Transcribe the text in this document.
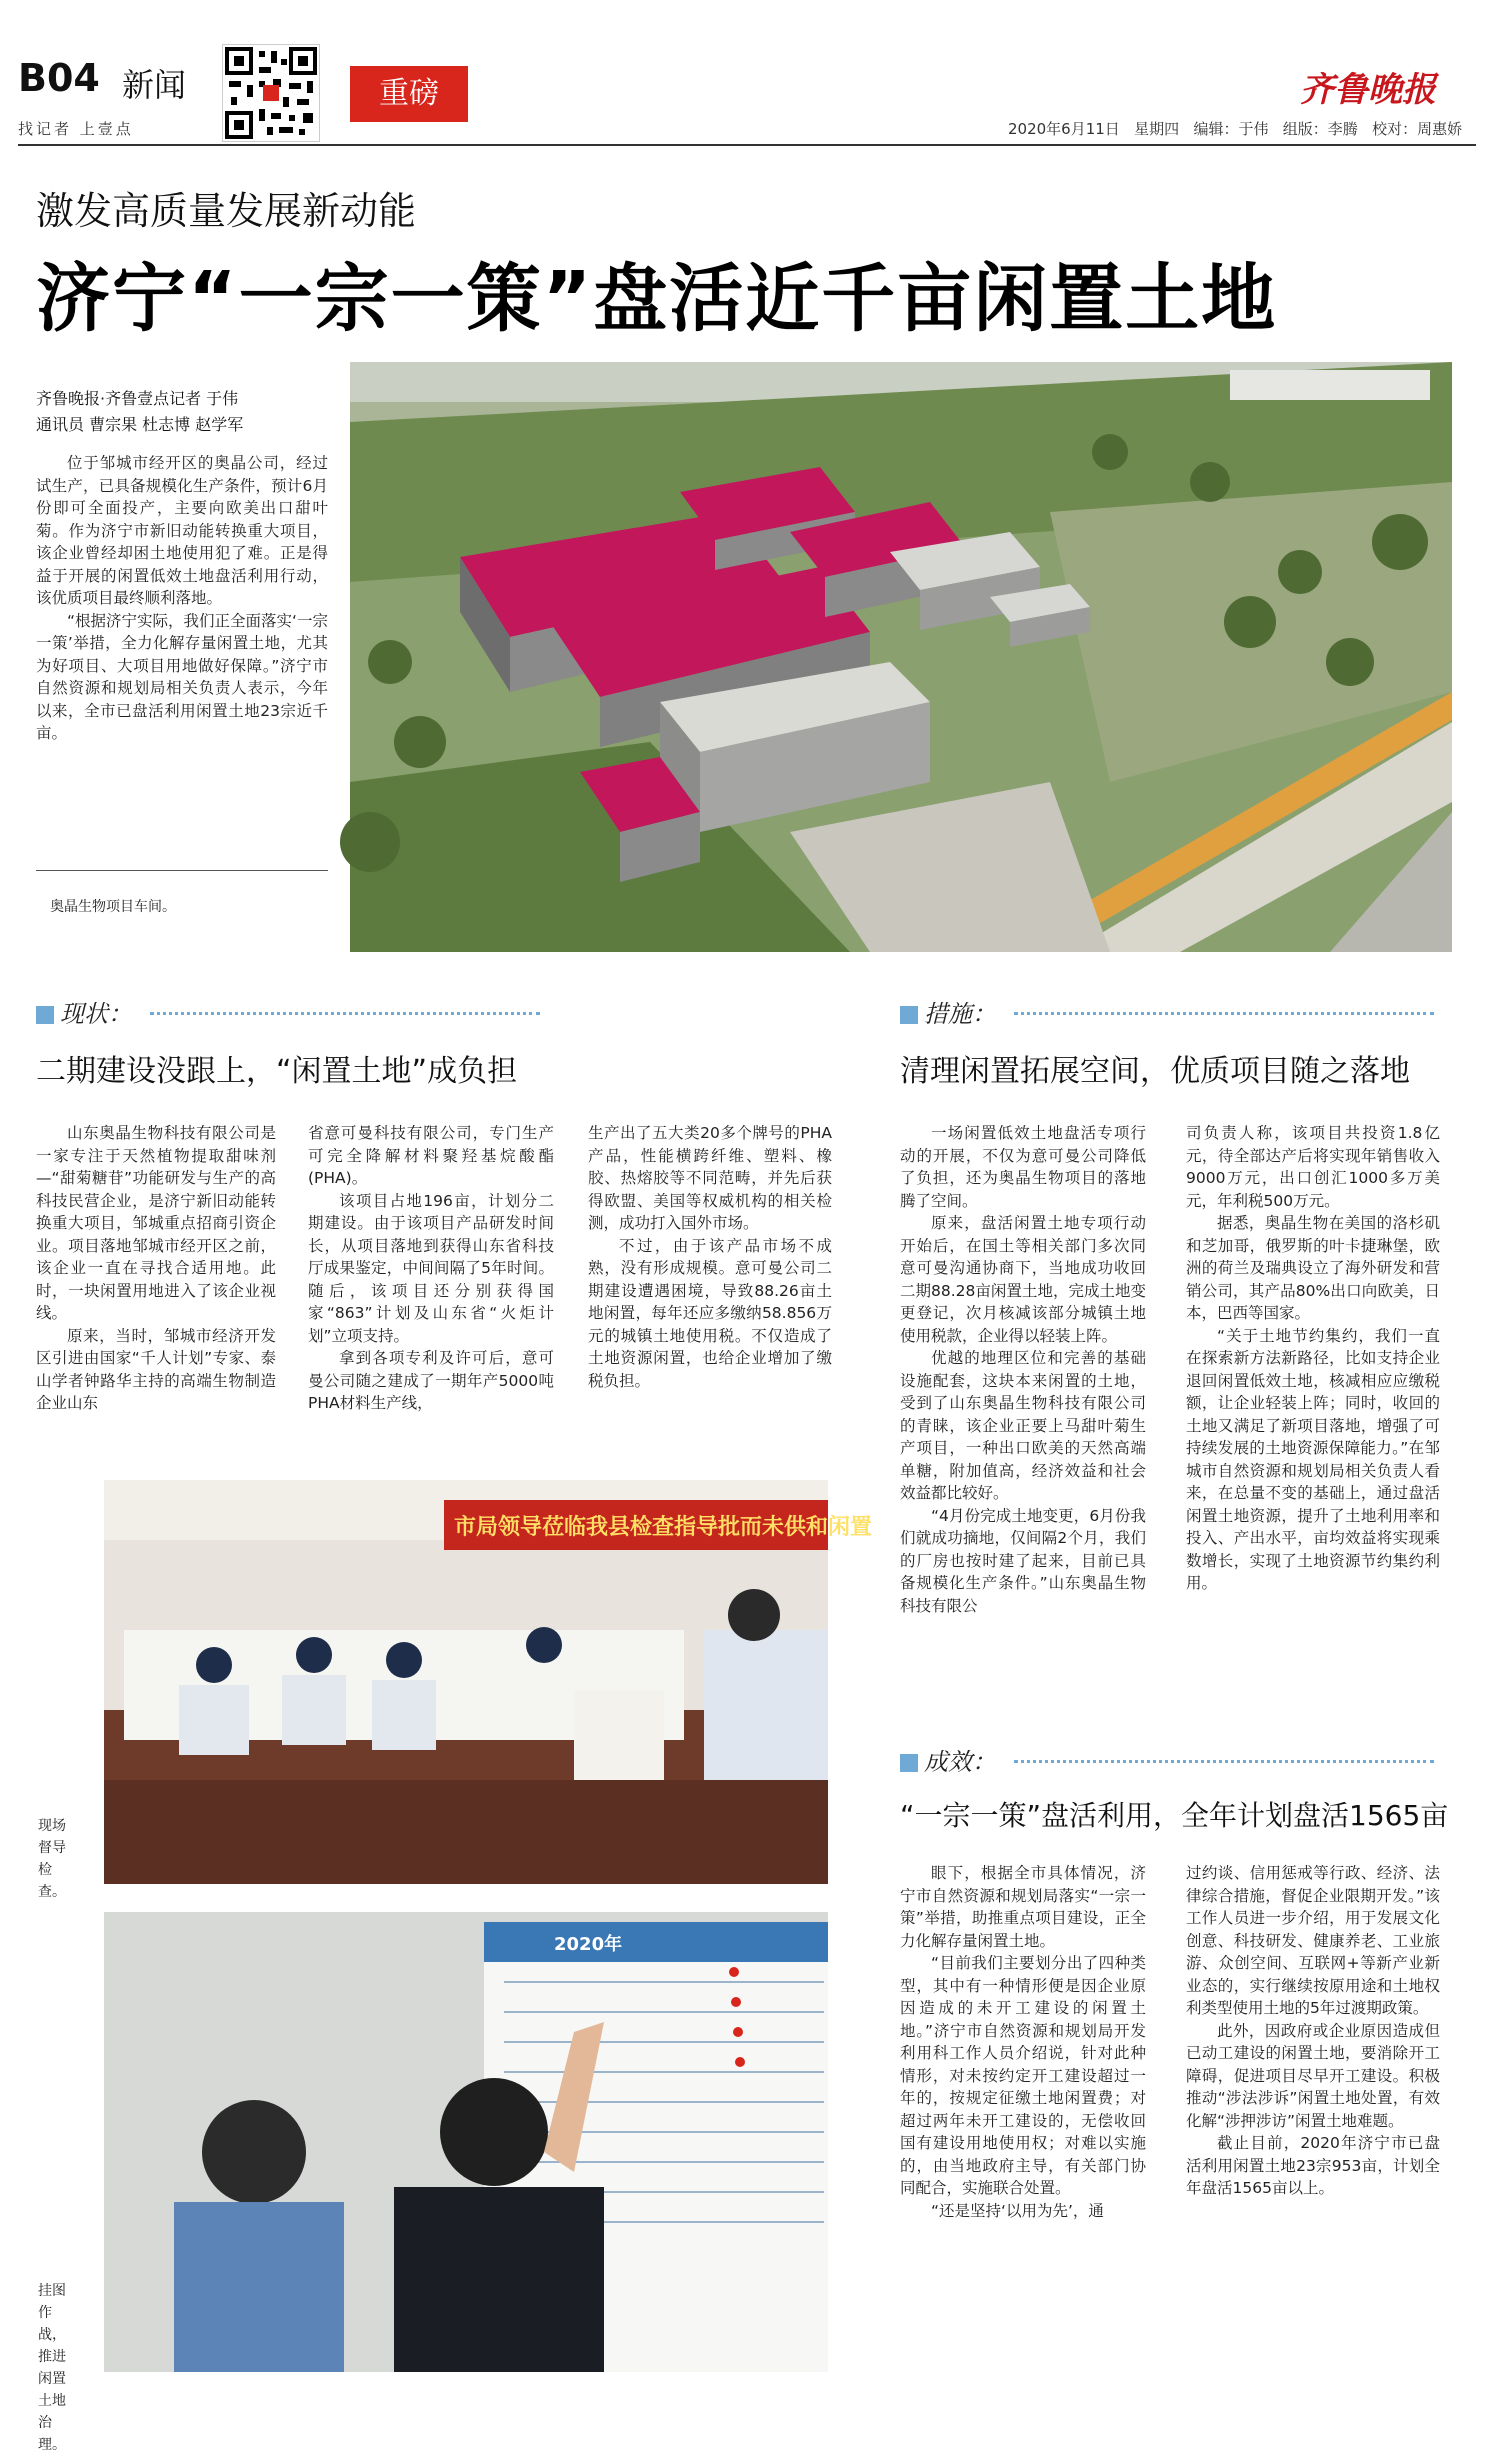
B04 新闻
找记者 上壹点
重磅	齐鲁晚报
2020年6月11日 星期四 编辑：于伟 组版：李腾 校对：周惠娇
激发高质量发展新动能
济宁“一宗一策”盘活近千亩闲置土地
齐鲁晚报·齐鲁壹点记者 于伟
通讯员 曹宗果 杜志博 赵学军

位于邹城市经开区的奥晶公司，经过试生产，已具备规模化生产条件，预计6月份即可全面投产，主要向欧美出口甜叶菊。作为济宁市新旧动能转换重大项目，该企业曾经却困土地使用犯了难。正是得益于开展的闲置低效土地盘活利用行动，该优质项目最终顺利落地。

“根据济宁实际，我们正全面落实‘一宗一策’举措，全力化解存量闲置土地，尤其为好项目、大项目用地做好保障。”济宁市自然资源和规划局相关负责人表示，今年以来，全市已盘活利用闲置土地23宗近千亩。

奥晶生物项目车间。
现状：
二期建设没跟上，“闲置土地”成负担

山东奥晶生物科技有限公司是一家专注于天然植物提取甜味剂—“甜菊糖苷”功能研发与生产的高科技民营企业，是济宁新旧动能转换重大项目，邹城重点招商引资企业。项目落地邹城市经开区之前，该企业一直在寻找合适用地。此时，一块闲置用地进入了该企业视线。

原来，当时，邹城市经济开发区引进由国家“千人计划”专家、泰山学者钟路华主持的高端生物制造企业山东

省意可曼科技有限公司，专门生产可完全降解材料聚羟基烷酸酯(PHA)。

该项目占地196亩，计划分二期建设。由于该项目产品研发时间长，从项目落地到获得山东省科技厅成果鉴定，中间间隔了5年时间。随后，该项目还分别获得国家“863”计划及山东省“火炬计划”立项支持。

拿到各项专利及许可后，意可曼公司随之建成了一期年产5000吨PHA材料生产线，

生产出了五大类20多个牌号的PHA产品，性能横跨纤维、塑料、橡胶、热熔胶等不同范畴，并先后获得欧盟、美国等权威机构的相关检测，成功打入国外市场。

不过，由于该产品市场不成熟，没有形成规模。意可曼公司二期建设遭遇困境，导致88.26亩土地闲置，每年还应多缴纳58.856万元的城镇土地使用税。不仅造成了土地资源闲置，也给企业增加了缴税负担。

市局领导莅临我县检查指导批而未供和闲置
现场督导检查。
2020年
挂图作战，推进闲置土地治理。
措施：
清理闲置拓展空间，优质项目随之落地

一场闲置低效土地盘活专项行动的开展，不仅为意可曼公司降低了负担，还为奥晶生物项目的落地腾了空间。

原来，盘活闲置土地专项行动开始后，在国土等相关部门多次同意可曼沟通协商下，当地成功收回二期88.28亩闲置土地，完成土地变更登记，次月核减该部分城镇土地使用税款，企业得以轻装上阵。

优越的地理区位和完善的基础设施配套，这块本来闲置的土地，受到了山东奥晶生物科技有限公司的青睐，该企业正要上马甜叶菊生产项目，一种出口欧美的天然高端单糖，附加值高，经济效益和社会效益都比较好。

“4月份完成土地变更，6月份我们就成功摘地，仅间隔2个月，我们的厂房也按时建了起来，目前已具备规模化生产条件。”山东奥晶生物科技有限公

司负责人称，该项目共投资1.8亿元，待全部达产后将实现年销售收入9000万元，出口创汇1000多万美元，年利税500万元。

据悉，奥晶生物在美国的洛杉矶和芝加哥，俄罗斯的叶卡捷琳堡，欧洲的荷兰及瑞典设立了海外研发和营销公司，其产品80%出口向欧美，日本，巴西等国家。

“关于土地节约集约，我们一直在探索新方法新路径，比如支持企业退回闲置低效土地，核减相应应缴税额，让企业轻装上阵；同时，收回的土地又满足了新项目落地，增强了可持续发展的土地资源保障能力。”在邹城市自然资源和规划局相关负责人看来，在总量不变的基础上，通过盘活闲置土地资源，提升了土地利用率和投入、产出水平，亩均效益将实现乘数增长，实现了土地资源节约集约利用。

成效：
“一宗一策”盘活利用，全年计划盘活1565亩

眼下，根据全市具体情况，济宁市自然资源和规划局落实“一宗一策”举措，助推重点项目建设，正全力化解存量闲置土地。

“目前我们主要划分出了四种类型，其中有一种情形便是因企业原因造成的未开工建设的闲置土地。”济宁市自然资源和规划局开发利用科工作人员介绍说，针对此种情形，对未按约定开工建设超过一年的，按规定征缴土地闲置费；对超过两年未开工建设的，无偿收回国有建设用地使用权；对难以实施的，由当地政府主导，有关部门协同配合，实施联合处置。

“还是坚持‘以用为先’，通

过约谈、信用惩戒等行政、经济、法律综合措施，督促企业限期开发。”该工作人员进一步介绍，用于发展文化创意、科技研发、健康养老、工业旅游、众创空间、互联网+等新产业新业态的，实行继续按原用途和土地权利类型使用土地的5年过渡期政策。

此外，因政府或企业原因造成但已动工建设的闲置土地，要消除开工障碍，促进项目尽早开工建设。积极推动“涉法涉诉”闲置土地处置，有效化解“涉押涉访”闲置土地难题。

截止目前，2020年济宁市已盘活利用闲置土地23宗953亩，计划全年盘活1565亩以上。
